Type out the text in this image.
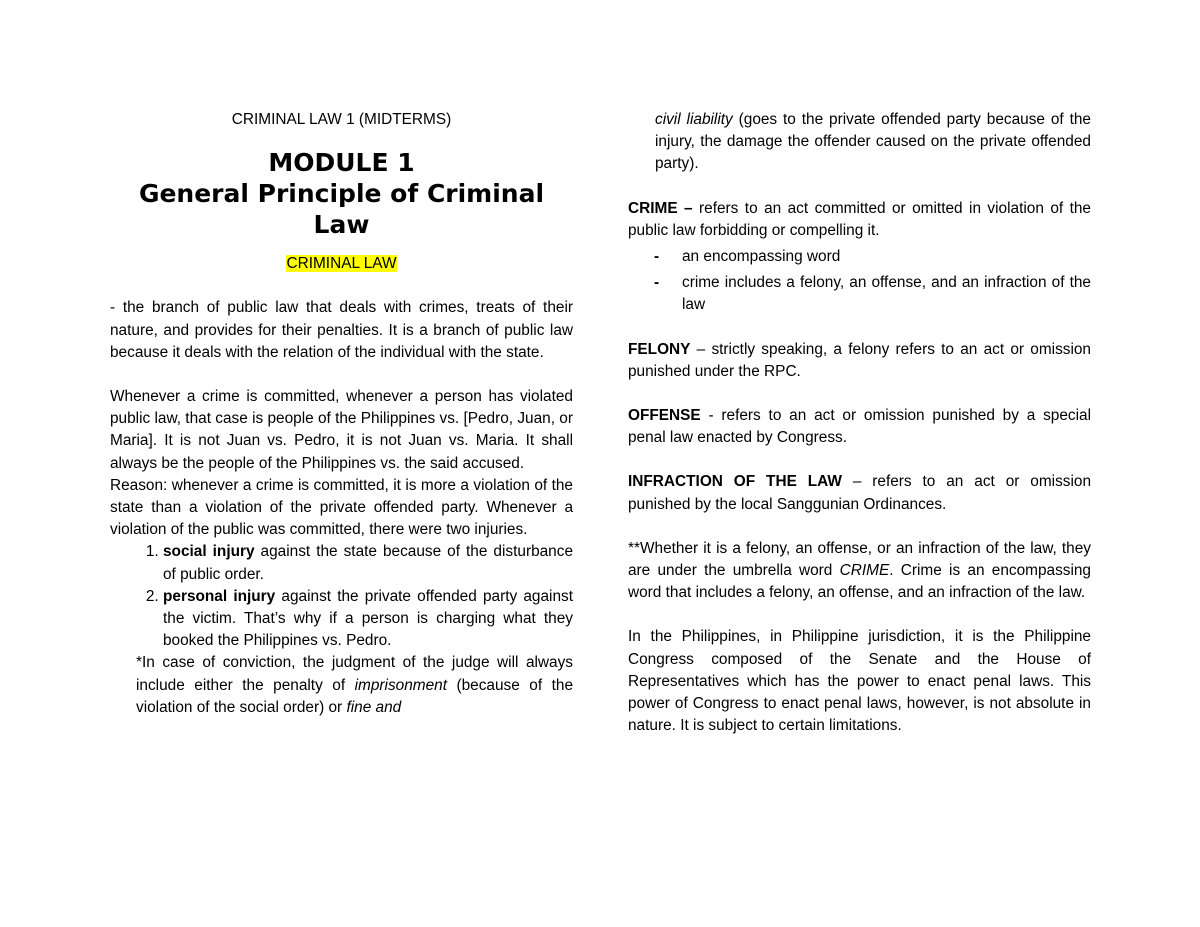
CRIMINAL LAW 1 (MIDTERMS)

MODULE 1
General Principle of Criminal Law

CRIMINAL LAW

- the branch of public law that deals with crimes, treats of their nature, and provides for their penalties. It is a branch of public law because it deals with the relation of the individual with the state.

Whenever a crime is committed, whenever a person has violated public law, that case is people of the Philippines vs. [Pedro, Juan, or Maria]. It is not Juan vs. Pedro, it is not Juan vs. Maria. It shall always be the people of the Philippines vs. the said accused.

Reason: whenever a crime is committed, it is more a violation of the state than a violation of the private offended party. Whenever a violation of the public was committed, there were two injuries.

1. social injury against the state because of the disturbance of public order.
2. personal injury against the private offended party against the victim. That’s why if a person is charging what they booked the Philippines vs. Pedro.

*In case of conviction, the judgment of the judge will always include either the penalty of imprisonment (because of the violation of the social order) or fine and

civil liability (goes to the private offended party because of the injury, the damage the offender caused on the private offended party).

CRIME – refers to an act committed or omitted in violation of the public law forbidding or compelling it.

- an encompassing word
- crime includes a felony, an offense, and an infraction of the law

FELONY – strictly speaking, a felony refers to an act or omission punished under the RPC.

OFFENSE - refers to an act or omission punished by a special penal law enacted by Congress.

INFRACTION OF THE LAW – refers to an act or omission punished by the local Sanggunian Ordinances.

**Whether it is a felony, an offense, or an infraction of the law, they are under the umbrella word CRIME. Crime is an encompassing word that includes a felony, an offense, and an infraction of the law.

In the Philippines, in Philippine jurisdiction, it is the Philippine Congress composed of the Senate and the House of Representatives which has the power to enact penal laws. This power of Congress to enact penal laws, however, is not absolute in nature. It is subject to certain limitations.
